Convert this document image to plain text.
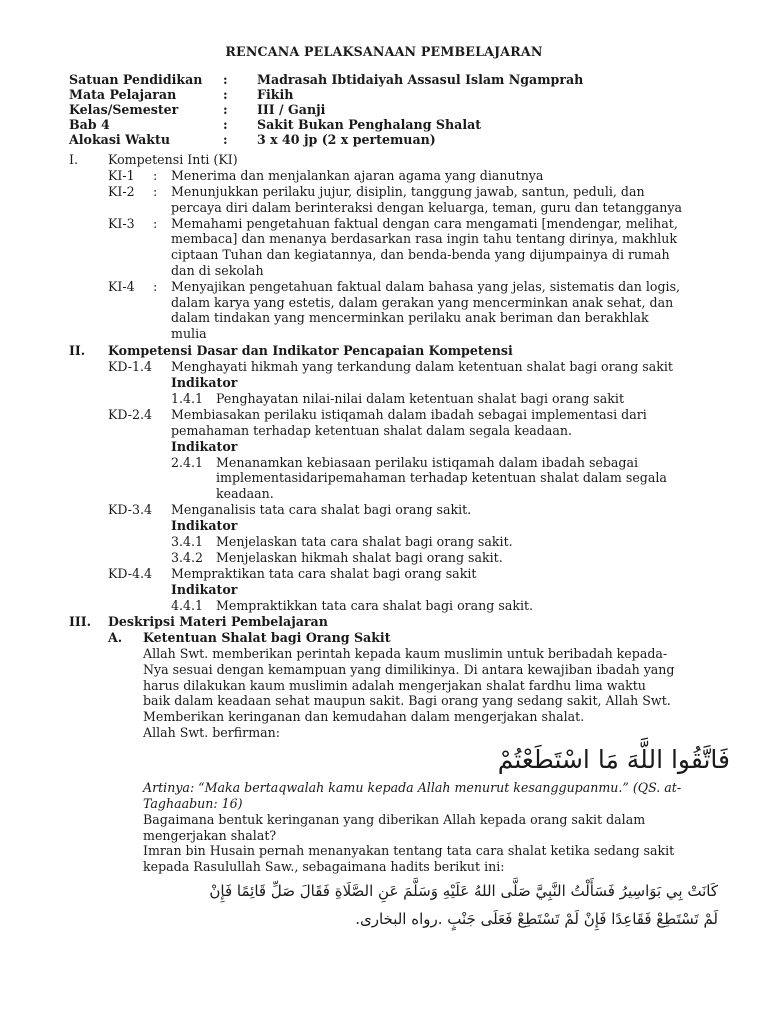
RENCANA PELAKSANAAN PEMBELAJARAN
Satuan Pendidikan : Madrasah Ibtidaiyah Assasul Islam Ngamprah
Mata Pelajaran	: Fikih
Kelas/Semester	: III / Ganji
Bab 4	: Sakit Bukan Penghalang Shalat
Alokasi Waktu	: 3 x 40 jp (2 x pertemuan)
I. Kompetensi Inti (KI)
KI-1 : Menerima dan menjalankan ajaran agama yang dianutnya
KI-2 : Menunjukkan perilaku jujur, disiplin, tanggung jawab, santun, peduli, dan
percaya diri dalam berinteraksi dengan keluarga, teman, guru dan tetangganya
KI-3 : Memahami pengetahuan faktual dengan cara mengamati [mendengar, melihat,
membaca] dan menanya berdasarkan rasa ingin tahu tentang dirinya, makhluk
ciptaan Tuhan dan kegiatannya, dan benda-benda yang dijumpainya di rumah
dan di sekolah
KI-4 : Menyajikan pengetahuan faktual dalam bahasa yang jelas, sistematis dan logis,
dalam karya yang estetis, dalam gerakan yang mencerminkan anak sehat, dan
dalam tindakan yang mencerminkan perilaku anak beriman dan berakhlak
mulia
II. Kompetensi Dasar dan Indikator Pencapaian Kompetensi
KD-1.4 Menghayati hikmah yang terkandung dalam ketentuan shalat bagi orang sakit
Indikator
1.4.1 Penghayatan nilai-nilai dalam ketentuan shalat bagi orang sakit
KD-2.4 Membiasakan perilaku istiqamah dalam ibadah sebagai implementasi dari
pemahaman terhadap ketentuan shalat dalam segala keadaan.
Indikator
2.4.1 Menanamkan kebiasaan perilaku istiqamah dalam ibadah sebagai
implementasidaripemahaman terhadap ketentuan shalat dalam segala
keadaan.
KD-3.4 Menganalisis tata cara shalat bagi orang sakit.
Indikator
3.4.1 Menjelaskan tata cara shalat bagi orang sakit.
3.4.2 Menjelaskan hikmah shalat bagi orang sakit.
KD-4.4 Mempraktikan tata cara shalat bagi orang sakit
Indikator
4.4.1 Mempraktikkan tata cara shalat bagi orang sakit.
III. Deskripsi Materi Pembelajaran
A. Ketentuan Shalat bagi Orang Sakit
Allah Swt. memberikan perintah kepada kaum muslimin untuk beribadah kepada-
Nya sesuai dengan kemampuan yang dimilikinya. Di antara kewajiban ibadah yang
harus dilakukan kaum muslimin adalah mengerjakan shalat fardhu lima waktu
baik dalam keadaan sehat maupun sakit. Bagi orang yang sedang sakit, Allah Swt.
Memberikan keringanan dan kemudahan dalam mengerjakan shalat.
Allah Swt. berfirman:
فَاتَّقُوا اللَّهَ مَا اسْتَطَعْتُمْ
Artinya: “Maka bertaqwalah kamu kepada Allah menurut kesanggupanmu.” (QS. at-
Taghaabun: 16)
Bagaimana bentuk keringanan yang diberikan Allah kepada orang sakit dalam
mengerjakan shalat?
Imran bin Husain pernah menanyakan tentang tata cara shalat ketika sedang sakit
kepada Rasulullah Saw., sebagaimana hadits berikut ini:
كَانَتْ بِي بَوَاسِيرُ فَسَأَلْتُ النَّبِيَّ صَلَّى اللهُ عَلَيْهِ وَسَلَّمَ عَنِ الصَّلَاةِ فَقَالَ صَلِّ قَائِمًا فَإِنْ
لَمْ تَسْتَطِعْ فَقَاعِدًا فَإِنْ لَمْ تَسْتَطِعْ فَعَلَى جَنْبٍ .رواه البخارى.
